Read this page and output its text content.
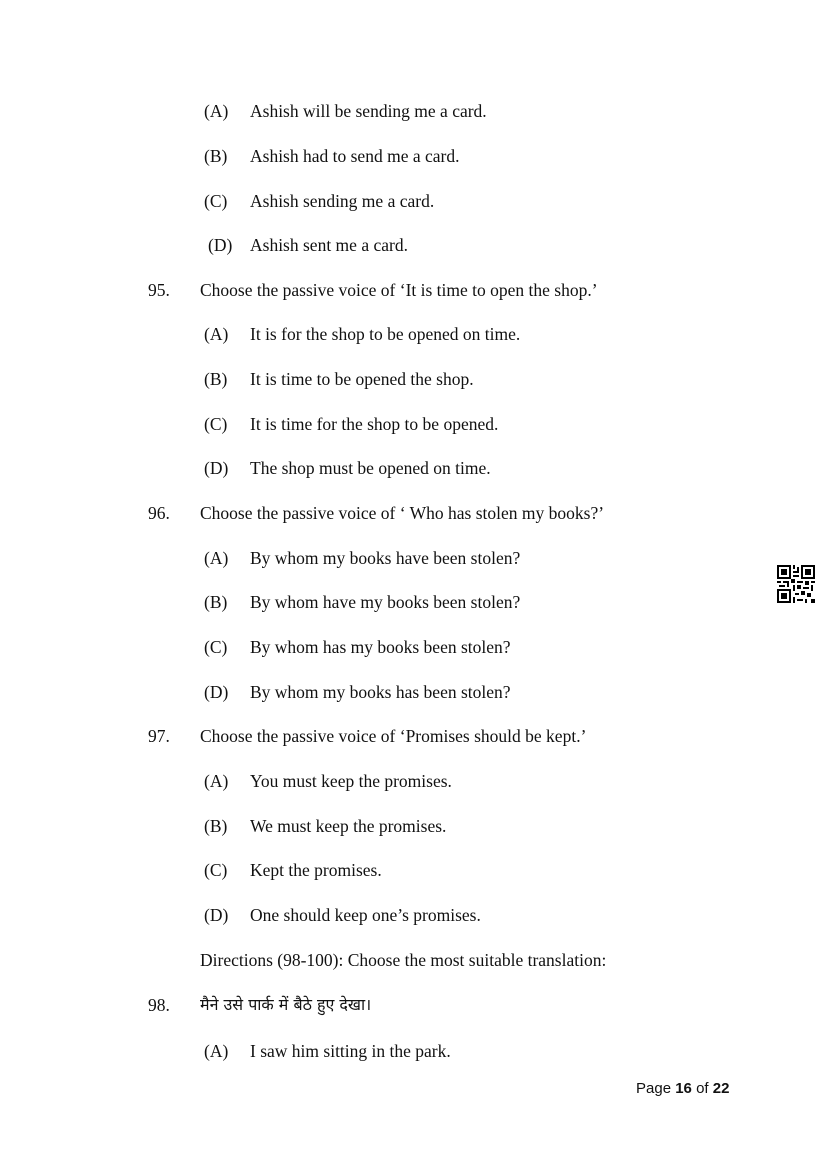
(A) Ashish will be sending me a card.
(B) Ashish had to send me a card.
(C) Ashish sending me a card.
(D) Ashish sent me a card.
95. Choose the passive voice of ‘It is time to open the shop.’
(A) It is for the shop to be opened on time.
(B) It is time to be opened the shop.
(C) It is time for the shop to be opened.
(D) The shop must be opened on time.
96. Choose the passive voice of ‘ Who has stolen my books?’
(A) By whom my books have been stolen?
(B) By whom have my books been stolen?
(C) By whom has my books been stolen?
(D) By whom my books has been stolen?
97. Choose the passive voice of ‘Promises should be kept.’
(A) You must keep the promises.
(B) We must keep the promises.
(C) Kept the promises.
(D) One should keep one’s promises.
Directions (98-100): Choose the most suitable translation:
98. मैने उसे पार्क में बैठे हुए देखा।
(A) I saw him sitting in the park.
Page 16 of 22
